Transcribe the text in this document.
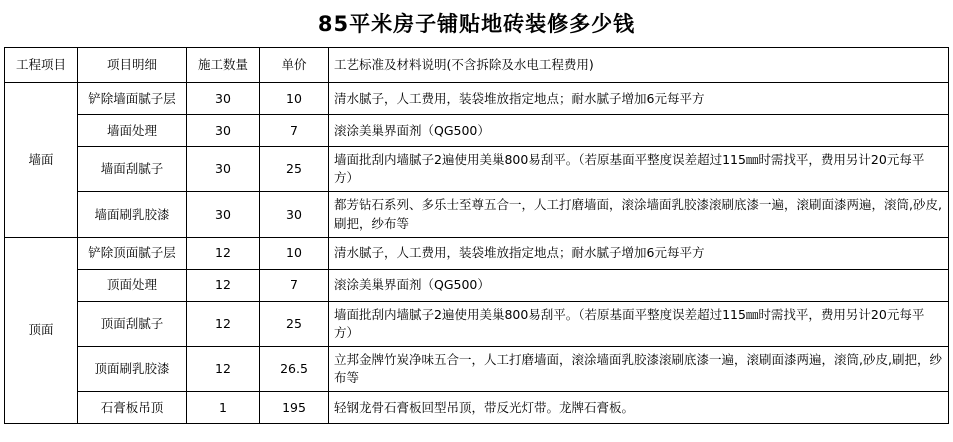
85平米房子铺贴地砖装修多少钱
工程项目	项目明细	施工数量	单价	工艺标准及材料说明(不含拆除及水电工程费用)
墙面	铲除墙面腻子层	30	10	清水腻子，人工费用，装袋堆放指定地点；耐水腻子增加6元每平方
	墙面处理	30	7	滚涂美巢界面剂（QG500）
	墙面刮腻子	30	25	墙面批刮内墙腻子2遍使用美巢800易刮平。（若原基面平整度误差超过115㎜时需找平，费用另计20元每平方）
	墙面刷乳胶漆	30	30	都芳钻石系列、多乐士至尊五合一，人工打磨墙面，滚涂墙面乳胶漆滚刷底漆一遍，滚刷面漆两遍，滚筒,砂皮,刷把，纱布等
顶面	铲除顶面腻子层	12	10	清水腻子，人工费用，装袋堆放指定地点；耐水腻子增加6元每平方
	顶面处理	12	7	滚涂美巢界面剂（QG500）
	顶面刮腻子	12	25	墙面批刮内墙腻子2遍使用美巢800易刮平。（若原基面平整度误差超过115㎜时需找平，费用另计20元每平方）
	顶面刷乳胶漆	12	26.5	立邦金牌竹炭净味五合一，人工打磨墙面，滚涂墙面乳胶漆滚刷底漆一遍，滚刷面漆两遍，滚筒,砂皮,刷把，纱布等
	石膏板吊顶	1	195	轻钢龙骨石膏板回型吊顶，带反光灯带。龙牌石膏板。
